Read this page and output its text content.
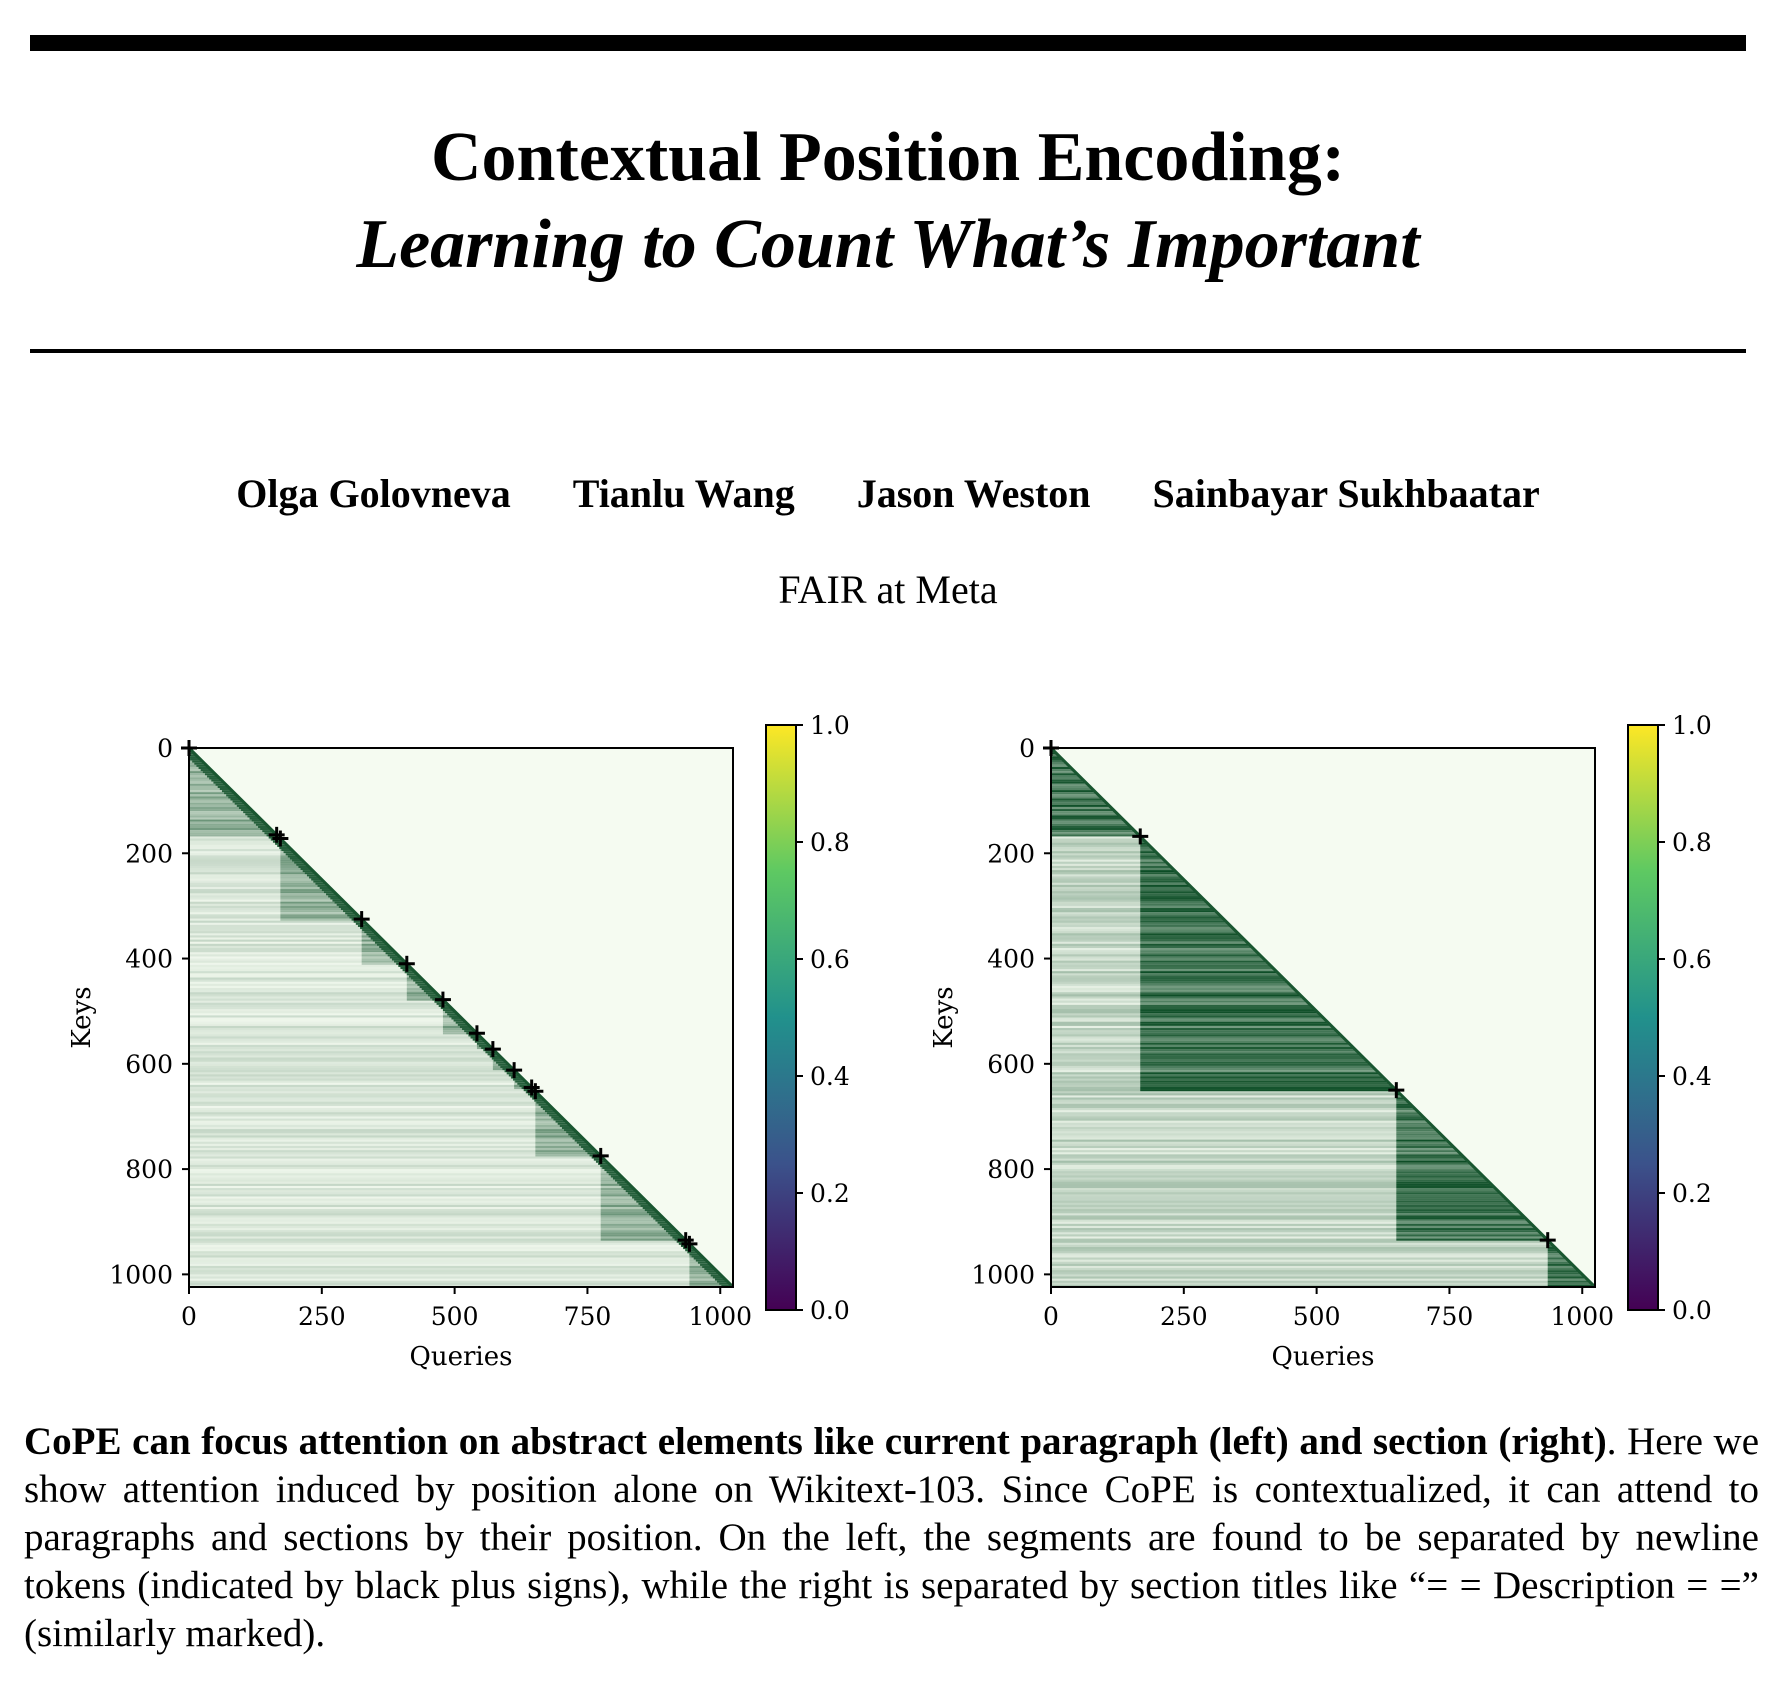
Contextual Position Encoding:
Learning to Count What’s Important
Olga Golovneva Tianlu Wang Jason Weston Sainbayar Sukhbaatar
FAIR at Meta
0	250	500	750	1000
0
200
400
600
800
1000
Queries
Keys
1.0
0.8
0.6
0.4
0.2
0.0	0	250	500	750	1000
0
200
400
600
800
1000
Queries
Keys
1.0
0.8
0.6
0.4
0.2
0.0
CoPE can focus attention on abstract elements like current paragraph (left) and section (right). Here we show attention induced by position alone on Wikitext-103. Since CoPE is contextualized, it can attend to paragraphs and sections by their position. On the left, the segments are found to be separated by newline tokens (indicated by black plus signs), while the right is separated by section titles like “= = Description = =” (similarly marked).
